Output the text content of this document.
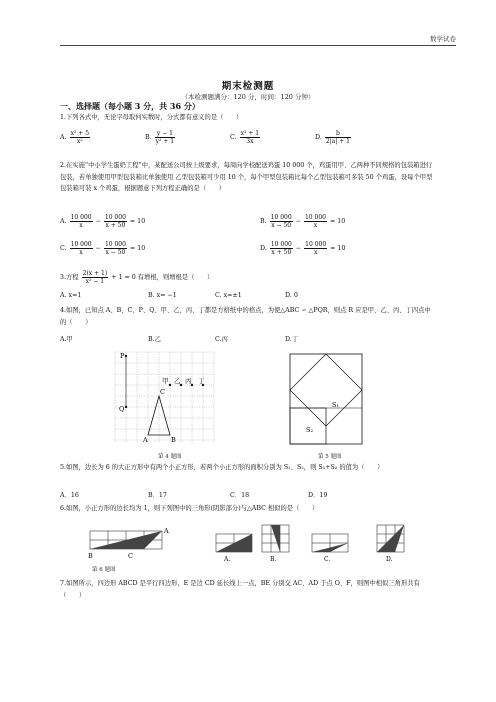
数学试卷
期末检测题
（本检测题满分：120 分，时间：120 分钟）
一、选择题（每小题 3 分，共 36 分）
1.下列各式中，无论字母取何实数时，分式都有意义的是（　　）
A. $\frac{\text{x² + 5}}{\text{x²}}$	B. $\frac{y - 1}{\text{y² + 1}}$	C. $\frac{\text{x² + 1}}{3x}$	D. $\frac{b}{2|a| + 1}$
2.在实施“中小学生蛋奶工程”中，某配送公司按上级要求，每周向学校配送鸡蛋 10 000 个，鸡蛋用甲、乙两种不同规格的包装箱进行包装，若单独使用甲型包装箱比单独使用 乙型包装箱可少用 10 个，每个甲型包装箱比每个乙型包装箱可多装 50 个鸡蛋，设每个甲型包装箱可装 x 个鸡蛋，根据题意下列方程正确的是（　　）
A. $\frac{10 000}{x} - \frac{10 000}{x + 50} = 10$	B. $\frac{10 000}{x - 50} - \frac{10 000}{x} = 10$
C. $\frac{10 000}{x} - \frac{10 000}{x - 50} = 10$	D. $\frac{10 000}{x + 50} - \frac{10 000}{x} = 10$
3.方程 $\frac{2(x + 1)}{\text{x² − 1}} + 1 = 0$ 有增根，则增根是（　　）
A. x=1	B. x= −1	C. x=±1	D. 0
4.如图，已知点 A、B、C、P、Q、甲、乙、丙、丁都是方格纸中的格点，为使△ABC ∽ △PQR，则点 R 应是甲、乙、丙、丁四点中的（　　）
A.甲	B.乙	C.丙	D.丁
P
Q
C
A	B
甲 乙 丙 丁
第 4 题图
S₁
S₂
第 5 题图
5.如图，边长为 6 的大正方形中有两个小正方形，若两个小正方形的面积分别为 S₁、S₂，则 S₁+S₂ 的值为（　　）
A．16	B．17	C．18	D．19
6.如图，小正方形的边长均为 1，则下列图中的三角形(阴影部分)与△ABC 相似的是（　　）
A
B	C
第 6 题图
A.	B.	C.	D.
7.如图所示，四边形 ABCD 是平行四边形，E 是边 CD 延长线上一点，BE 分别交 AC、AD 于点 O、F，则图中相似三角形共有（　　）
